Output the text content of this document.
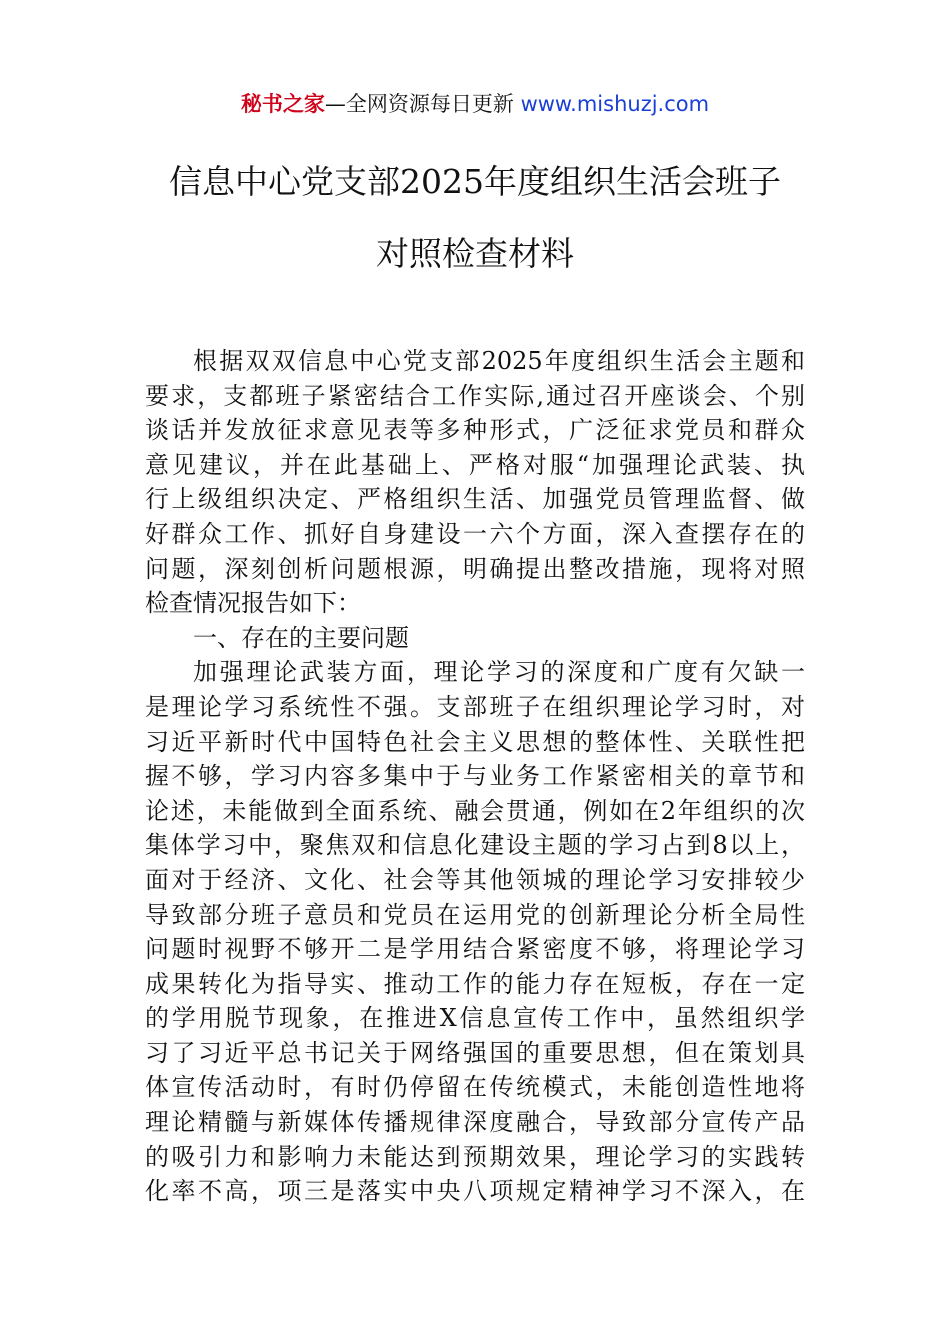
秘书之家—全网资源每日更新 www.mishuzj.com
信息中心党支部2025年度组织生活会班子
对照检查材料
根据双双信息中心党支部2025年度组织生活会主题和
要求，支都班子紧密结合工作实际,通过召开座谈会、个别
谈话并发放征求意见表等多种形式，广泛征求党员和群众
意见建议，并在此基础上、严格对服“加强理论武装、执
行上级组织决定、严格组织生活、加强党员管理监督、做
好群众工作、抓好自身建设一六个方面，深入查摆存在的
问题，深刻创析问题根源，明确提出整改措施，现将对照
检查情况报告如下：
一、存在的主要问题
加强理论武装方面，理论学习的深度和广度有欠缺一
是理论学习系统性不强。支部班子在组织理论学习时，对
习近平新时代中国特色社会主义思想的整体性、关联性把
握不够，学习内容多集中于与业务工作紧密相关的章节和
论述，未能做到全面系统、融会贯通，例如在2年组织的次
集体学习中，聚焦双和信息化建设主题的学习占到8以上，
面对于经济、文化、社会等其他领城的理论学习安排较少
导致部分班子意员和党员在运用党的创新理论分析全局性
问题时视野不够开二是学用结合紧密度不够，将理论学习
成果转化为指导实、推动工作的能力存在短板，存在一定
的学用脱节现象，在推进X信息宣传工作中，虽然组织学
习了习近平总书记关于网络强国的重要思想，但在策划具
体宣传活动时，有时仍停留在传统模式，未能创造性地将
理论精髓与新媒体传播规律深度融合，导致部分宣传产品
的吸引力和影响力未能达到预期效果，理论学习的实践转
化率不高，项三是落实中央八项规定精神学习不深入，在
